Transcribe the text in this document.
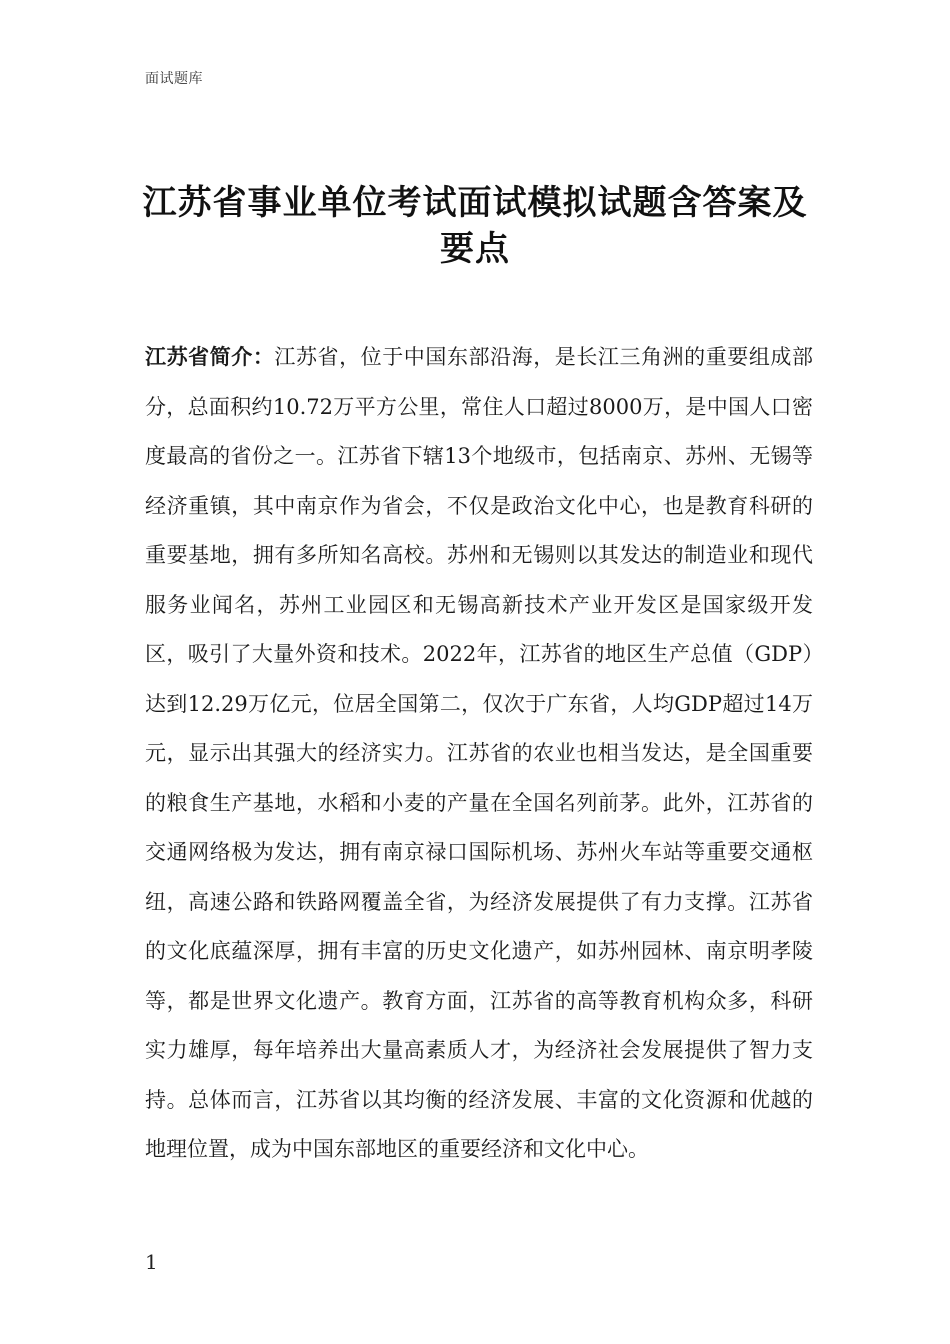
面试题库
江苏省事业单位考试面试模拟试题含答案及要点

江苏省简介：江苏省，位于中国东部沿海，是长江三角洲的重要组成部分，总面积约10.72万平方公里，常住人口超过8000万，是中国人口密度最高的省份之一。江苏省下辖13个地级市，包括南京、苏州、无锡等经济重镇，其中南京作为省会，不仅是政治文化中心，也是教育科研的重要基地，拥有多所知名高校。苏州和无锡则以其发达的制造业和现代服务业闻名，苏州工业园区和无锡高新技术产业开发区是国家级开发区，吸引了大量外资和技术。2022年，江苏省的地区生产总值（GDP）达到12.29万亿元，位居全国第二，仅次于广东省，人均GDP超过14万元，显示出其强大的经济实力。江苏省的农业也相当发达，是全国重要的粮食生产基地，水稻和小麦的产量在全国名列前茅。此外，江苏省的交通网络极为发达，拥有南京禄口国际机场、苏州火车站等重要交通枢纽，高速公路和铁路网覆盖全省，为经济发展提供了有力支撑。江苏省的文化底蕴深厚，拥有丰富的历史文化遗产，如苏州园林、南京明孝陵等，都是世界文化遗产。教育方面，江苏省的高等教育机构众多，科研实力雄厚，每年培养出大量高素质人才，为经济社会发展提供了智力支持。总体而言，江苏省以其均衡的经济发展、丰富的文化资源和优越的地理位置，成为中国东部地区的重要经济和文化中心。

1
